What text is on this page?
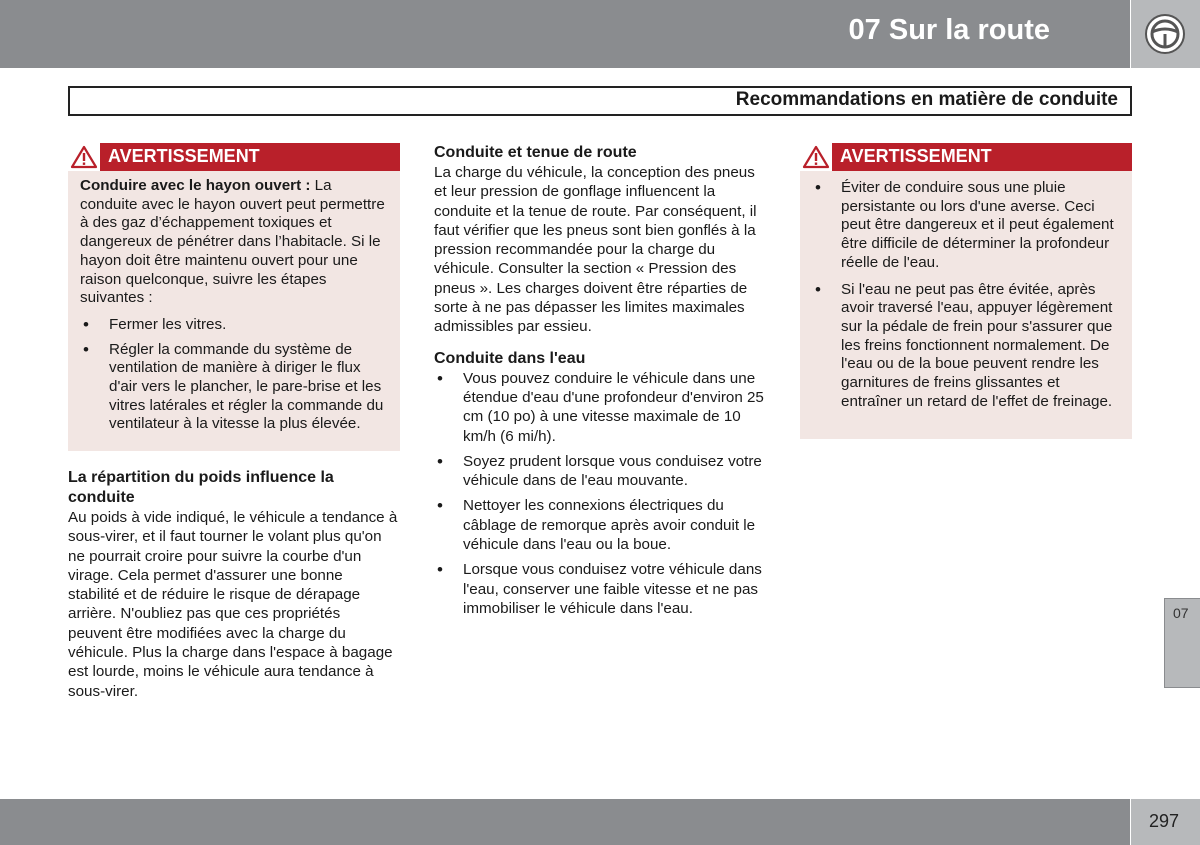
07 Sur la route
Recommandations en matière de conduite
AVERTISSEMENT
Conduire avec le hayon ouvert : La conduite avec le hayon ouvert peut permettre à des gaz d’échappement toxiques et dangereux de pénétrer dans l’habitacle. Si le hayon doit être maintenu ouvert pour une raison quelconque, suivre les étapes suivantes :
• Fermer les vitres.
• Régler la commande du système de ventilation de manière à diriger le flux d'air vers le plancher, le pare-brise et les vitres latérales et régler la commande du ventilateur à la vitesse la plus élevée.
La répartition du poids influence la conduite
Au poids à vide indiqué, le véhicule a tendance à sous-virer, et il faut tourner le volant plus qu'on ne pourrait croire pour suivre la courbe d'un virage. Cela permet d'assurer une bonne stabilité et de réduire le risque de dérapage arrière. N'oubliez pas que ces propriétés peuvent être modifiées avec la charge du véhicule. Plus la charge dans l'espace à bagage est lourde, moins le véhicule aura tendance à sous-virer.
Conduite et tenue de route
La charge du véhicule, la conception des pneus et leur pression de gonflage influencent la conduite et la tenue de route. Par conséquent, il faut vérifier que les pneus sont bien gonflés à la pression recommandée pour la charge du véhicule. Consulter la section « Pression des pneus ». Les charges doivent être réparties de sorte à ne pas dépasser les limites maximales admissibles par essieu.
Conduite dans l'eau
• Vous pouvez conduire le véhicule dans une étendue d'eau d'une profondeur d'environ 25 cm (10 po) à une vitesse maximale de 10 km/h (6 mi/h).
• Soyez prudent lorsque vous conduisez votre véhicule dans de l'eau mouvante.
• Nettoyer les connexions électriques du câblage de remorque après avoir conduit le véhicule dans l'eau ou la boue.
• Lorsque vous conduisez votre véhicule dans l'eau, conserver une faible vitesse et ne pas immobiliser le véhicule dans l'eau.
AVERTISSEMENT
• Éviter de conduire sous une pluie persistante ou lors d'une averse. Ceci peut être dangereux et il peut également être difficile de déterminer la profondeur réelle de l'eau.
• Si l'eau ne peut pas être évitée, après avoir traversé l'eau, appuyer légèrement sur la pédale de frein pour s'assurer que les freins fonctionnent normalement. De l'eau ou de la boue peuvent rendre les garnitures de freins glissantes et entraîner un retard de l'effet de freinage.
07
297
